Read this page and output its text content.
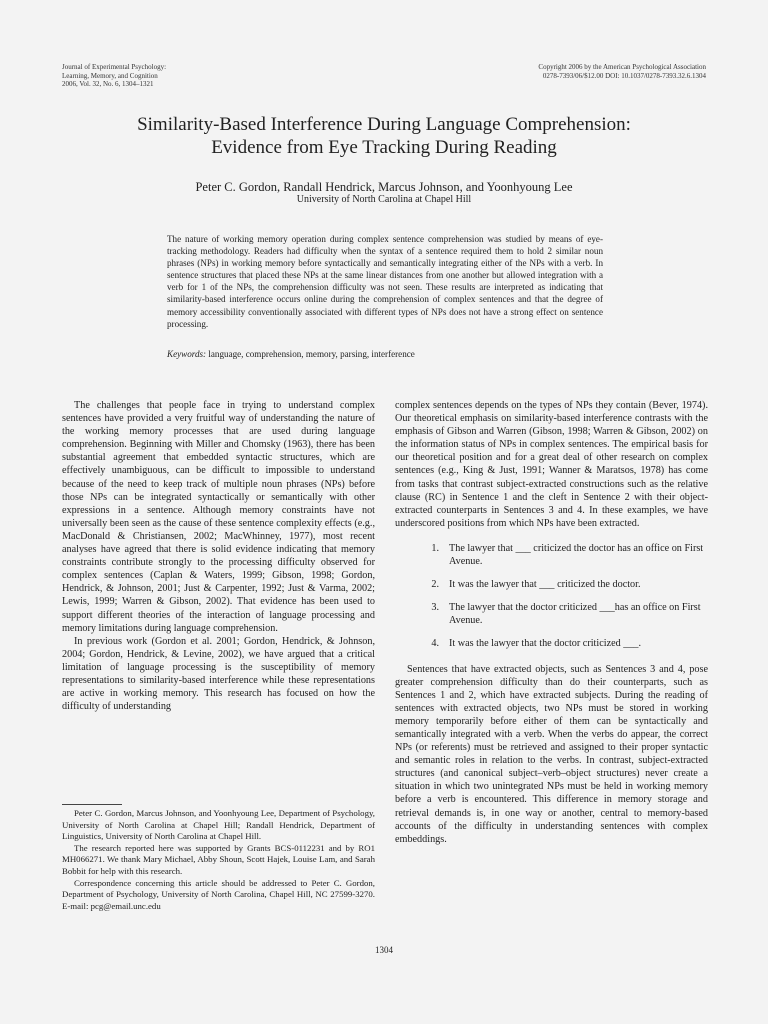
Journal of Experimental Psychology:
Learning, Memory, and Cognition
2006, Vol. 32, No. 6, 1304–1321
Copyright 2006 by the American Psychological Association
0278-7393/06/$12.00 DOI: 10.1037/0278-7393.32.6.1304
Similarity-Based Interference During Language Comprehension:
Evidence from Eye Tracking During Reading
Peter C. Gordon, Randall Hendrick, Marcus Johnson, and Yoonhyoung Lee
University of North Carolina at Chapel Hill
The nature of working memory operation during complex sentence comprehension was studied by means of eye-tracking methodology. Readers had difficulty when the syntax of a sentence required them to hold 2 similar noun phrases (NPs) in working memory before syntactically and semantically integrating either of the NPs with a verb. In sentence structures that placed these NPs at the same linear distances from one another but allowed integration with a verb for 1 of the NPs, the comprehension difficulty was not seen. These results are interpreted as indicating that similarity-based interference occurs online during the comprehension of complex sentences and that the degree of memory accessibility conventionally associated with different types of NPs does not have a strong effect on sentence processing.
Keywords: language, comprehension, memory, parsing, interference

The challenges that people face in trying to understand complex sentences have provided a very fruitful way of understanding the nature of the working memory processes that are used during language comprehension. Beginning with Miller and Chomsky (1963), there has been substantial agreement that embedded syntactic structures, which are effectively unambiguous, can be difficult to impossible to understand because of the need to keep track of multiple noun phrases (NPs) before those NPs can be integrated syntactically or semantically with other expressions in a sentence. Although memory constraints have not universally been seen as the cause of these sentence complexity effects (e.g., MacDonald & Christiansen, 2002; MacWhinney, 1977), most recent analyses have agreed that there is solid evidence indicating that memory constraints contribute strongly to the processing difficulty observed for complex sentences (Caplan & Waters, 1999; Gibson, 1998; Gordon, Hendrick, & Johnson, 2001; Just & Carpenter, 1992; Just & Varma, 2002; Lewis, 1999; Warren & Gibson, 2002). That evidence has been used to support different theories of the interaction of language processing and memory limitations during language comprehension.

In previous work (Gordon et al. 2001; Gordon, Hendrick, & Johnson, 2004; Gordon, Hendrick, & Levine, 2002), we have argued that a critical limitation of language processing is the susceptibility of memory representations to similarity-based interference while these representations are active in working memory. This research has focused on how the difficulty of understanding

complex sentences depends on the types of NPs they contain (Bever, 1974). Our theoretical emphasis on similarity-based interference contrasts with the emphasis of Gibson and Warren (Gibson, 1998; Warren & Gibson, 2002) on the information status of NPs in complex sentences. The empirical basis for our theoretical position and for a great deal of other research on complex sentences (e.g., King & Just, 1991; Wanner & Maratsos, 1978) has come from tasks that contrast subject-extracted constructions such as the relative clause (RC) in Sentence 1 and the cleft in Sentence 2 with their object-extracted counterparts in Sentences 3 and 4. In these examples, we have underscored positions from which NPs have been extracted.

1. The lawyer that ___ criticized the doctor has an office on First Avenue.
2. It was the lawyer that ___ criticized the doctor.
3. The lawyer that the doctor criticized ___has an office on First Avenue.
4. It was the lawyer that the doctor criticized ___.

Sentences that have extracted objects, such as Sentences 3 and 4, pose greater comprehension difficulty than do their counterparts, such as Sentences 1 and 2, which have extracted subjects. During the reading of sentences with extracted objects, two NPs must be stored in working memory temporarily before either of them can be syntactically and semantically integrated with a verb. When the verbs do appear, the correct NPs (or referents) must be retrieved and assigned to their proper syntactic and semantic roles in relation to the verbs. In contrast, subject-extracted structures (and canonical subject–verb–object structures) never create a situation in which two unintegrated NPs must be held in working memory before a verb is encountered. This difference in memory storage and retrieval demands is, in one way or another, central to memory-based accounts of the difficulty in understanding sentences with complex embeddings.

Peter C. Gordon, Marcus Johnson, and Yoonhyoung Lee, Department of Psychology, University of North Carolina at Chapel Hill; Randall Hendrick, Department of Linguistics, University of North Carolina at Chapel Hill.

The research reported here was supported by Grants BCS-0112231 and by RO1 MH066271. We thank Mary Michael, Abby Shoun, Scott Hajek, Louise Lam, and Sarah Bobbit for help with this research.

Correspondence concerning this article should be addressed to Peter C. Gordon, Department of Psychology, University of North Carolina, Chapel Hill, NC 27599-3270. E-mail: pcg@email.unc.edu

1304
